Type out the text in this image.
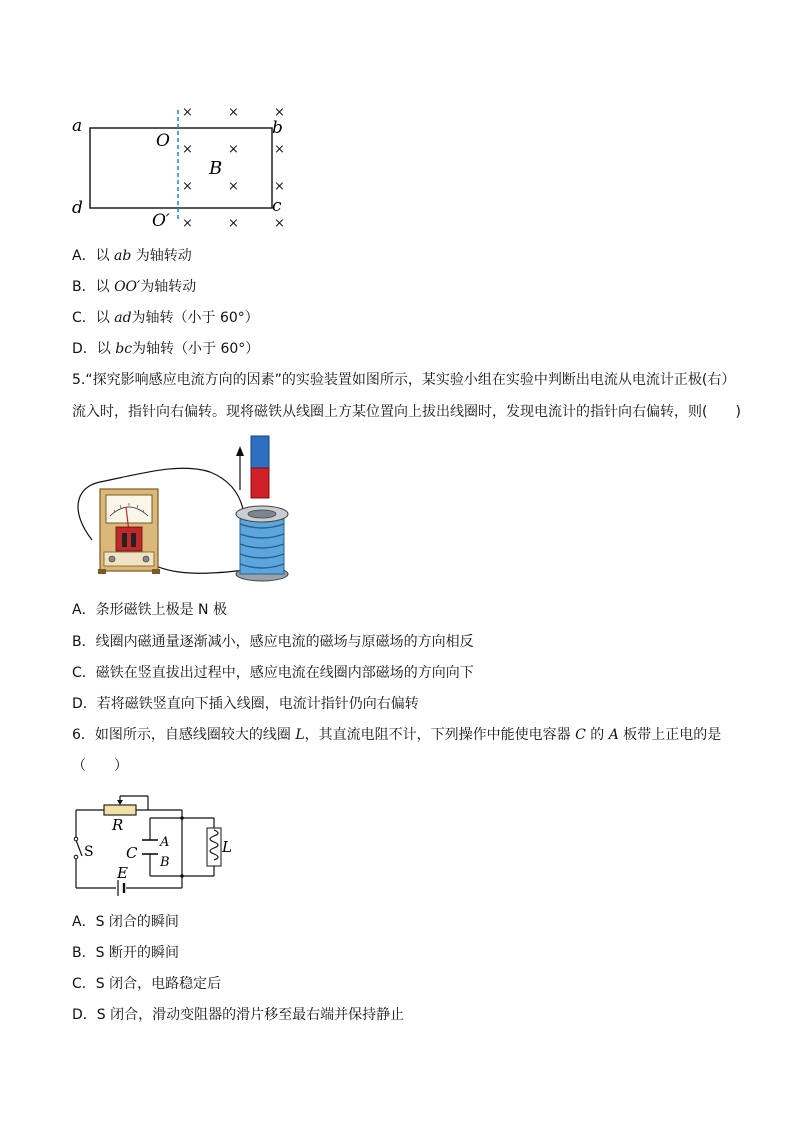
a	b
d	c
O
O′
B
×	×	×
×	×	×
×	×	×
×	×	×
A．以 ab 为轴转动
B．以 OO′为轴转动
C．以 ad为轴转（小于 60°）
D．以 bc为轴转（小于 60°）
5.“探究影响感应电流方向的因素”的实验装置如图所示，某实验小组在实验中判断出电流从电流计正极(右）
流入时，指针向右偏转。现将磁铁从线圈上方某位置向上拔出线圈时，发现电流计的指针向右偏转，则(　　)
A．条形磁铁上极是 N 极
B．线圈内磁通量逐渐减小，感应电流的磁场与原磁场的方向相反
C．磁铁在竖直拔出过程中，感应电流在线圈内部磁场的方向向下
D．若将磁铁竖直向下插入线圈，电流计指针仍向右偏转
6．如图所示，自感线圈较大的线圈 L，其直流电阻不计，下列操作中能使电容器 C 的 A 板带上正电的是
（　　）
R
C
A
B
L
S
E
A．S 闭合的瞬间
B．S 断开的瞬间
C．S 闭合，电路稳定后
D．S 闭合，滑动变阻器的滑片移至最右端并保持静止
